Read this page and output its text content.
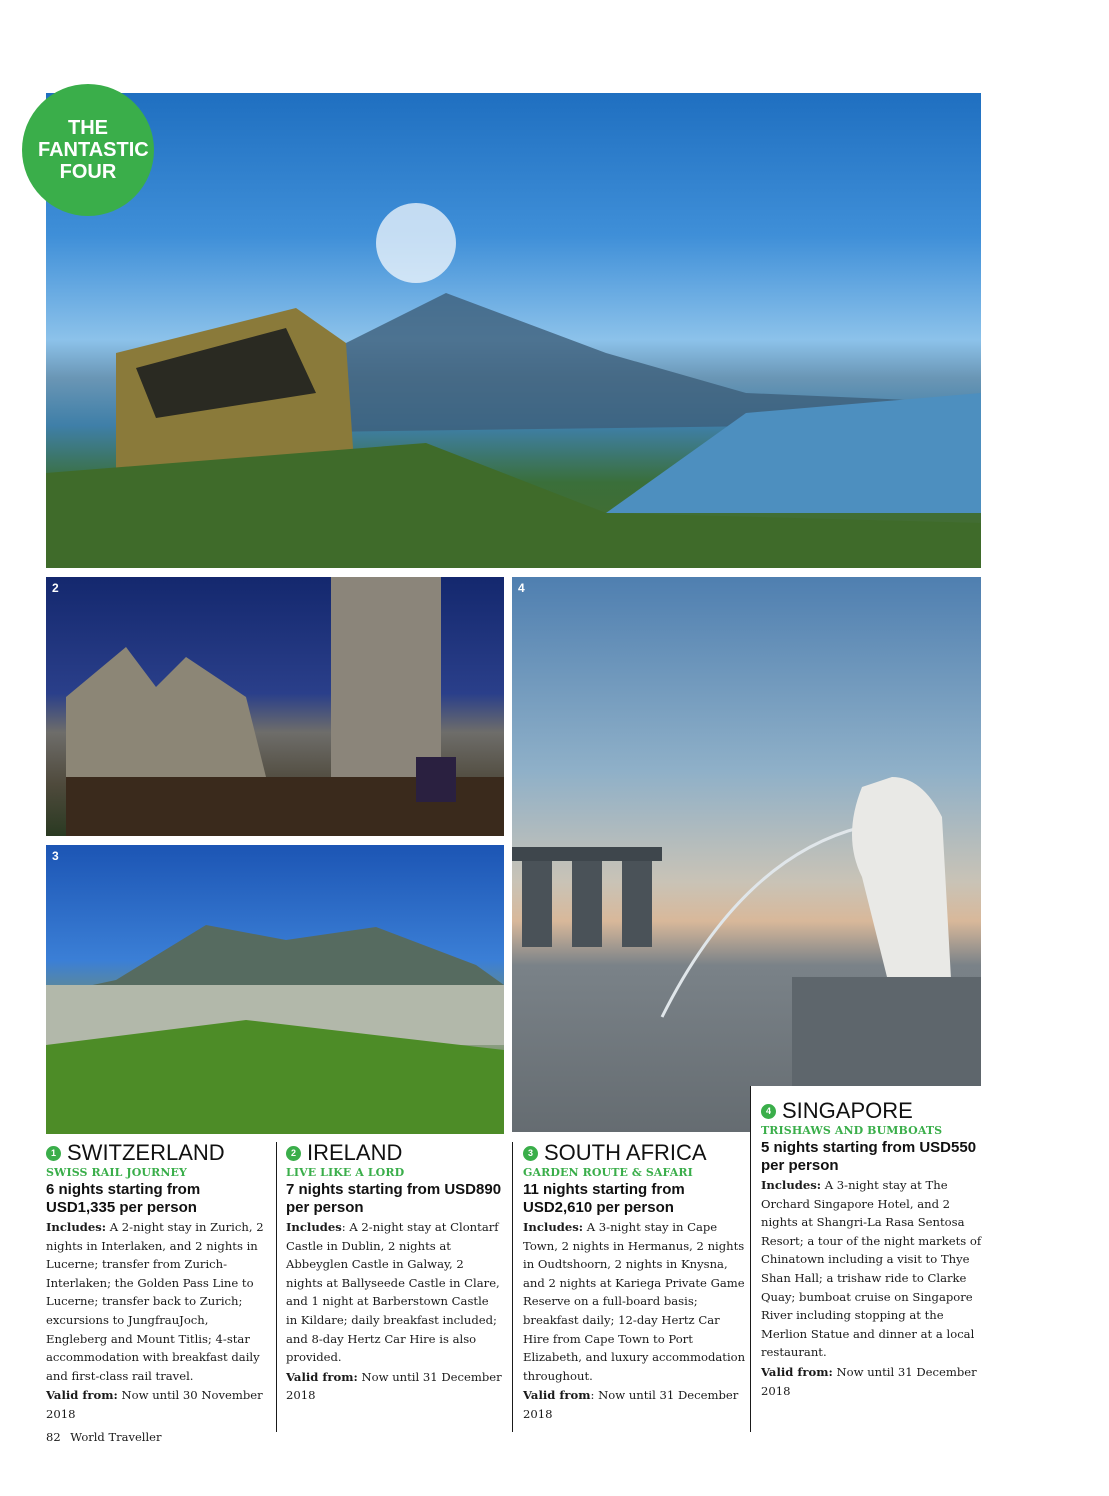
2
3
4
THE FANTASTIC FOUR
1 SWITZERLAND
SWISS RAIL JOURNEY
6 nights starting from USD1,335 per person
Includes: A 2-night stay in Zurich, 2 nights in Interlaken, and 2 nights in Lucerne; transfer from Zurich-Interlaken; the Golden Pass Line to Lucerne; transfer back to Zurich; excursions to JungfrauJoch, Engleberg and Mount Titlis; 4-star accommodation with breakfast daily and first-class rail travel.
Valid from: Now until 30 November 2018
2 IRELAND
LIVE LIKE A LORD
7 nights starting from USD890 per person
Includes: A 2-night stay at Clontarf Castle in Dublin, 2 nights at Abbeyglen Castle in Galway, 2 nights at Ballyseede Castle in Clare, and 1 night at Barberstown Castle in Kildare; daily breakfast included; and 8-day Hertz Car Hire is also provided.
Valid from: Now until 31 December 2018
3 SOUTH AFRICA
GARDEN ROUTE & SAFARI
11 nights starting from USD2,610 per person
Includes: A 3-night stay in Cape Town, 2 nights in Hermanus, 2 nights in Oudtshoorn, 2 nights in Knysna, and 2 nights at Kariega Private Game Reserve on a full-board basis; breakfast daily; 12-day Hertz Car Hire from Cape Town to Port Elizabeth, and luxury accommodation throughout.
Valid from: Now until 31 December 2018
4 SINGAPORE
TRISHAWS AND BUMBOATS
5 nights starting from USD550 per person
Includes: A 3-night stay at The Orchard Singapore Hotel, and 2 nights at Shangri-La Rasa Sentosa Resort; a tour of the night markets of Chinatown including a visit to Thye Shan Hall; a trishaw ride to Clarke Quay; bumboat cruise on Singapore River including stopping at the Merlion Statue and dinner at a local restaurant.
Valid from: Now until 31 December 2018
82 World Traveller
